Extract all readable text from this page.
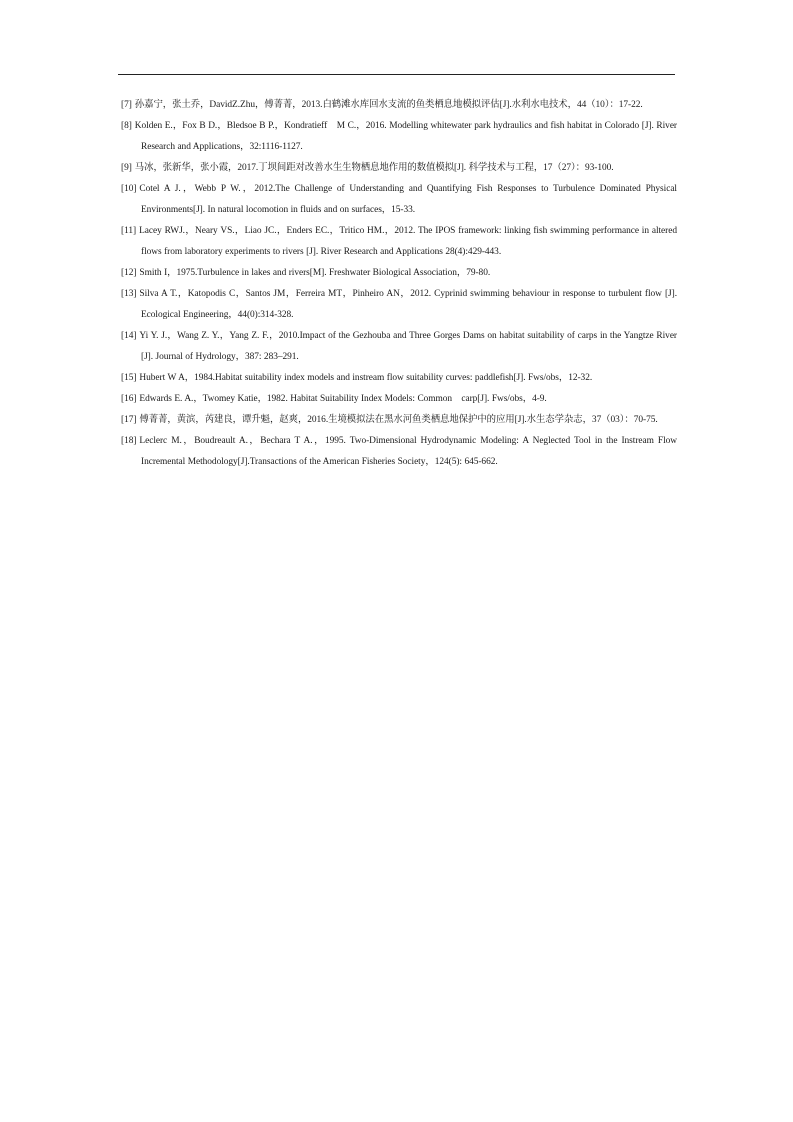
[7] 孙嘉宁，张土乔，DavidZ.Zhu，傅菁菁，2013.白鹤滩水库回水支流的鱼类栖息地模拟评估[J].水利水电技术，44（10）：17-22.
[8] Kolden E.，Fox B D.，Bledsoe B P.，Kondratieff　M C.，2016. Modelling whitewater park hydraulics and fish habitat in Colorado [J]. River Research and Applications，32:1116-1127.
[9] 马冰，张新华，张小霞，2017.丁坝间距对改善水生生物栖息地作用的数值模拟[J]. 科学技术与工程，17（27）：93-100.
[10] Cotel A J.，Webb P W.，2012.The Challenge of Understanding and Quantifying Fish Responses to Turbulence Dominated Physical Environments[J]. In natural locomotion in fluids and on surfaces，15-33.
[11] Lacey RWJ.，Neary VS.，Liao JC.，Enders EC.，Tritico HM.，2012. The IPOS framework: linking fish swimming performance in altered flows from laboratory experiments to rivers [J]. River Research and Applications 28(4):429-443.
[12] Smith I，1975.Turbulence in lakes and rivers[M]. Freshwater Biological Association，79-80.
[13] Silva A T.，Katopodis C，Santos JM，Ferreira MT，Pinheiro AN，2012. Cyprinid swimming behaviour in response to turbulent flow [J]. Ecological Engineering，44(0):314-328.
[14] Yi Y. J.，Wang Z. Y.，Yang Z. F.，2010.Impact of the Gezhouba and Three Gorges Dams on habitat suitability of carps in the Yangtze River [J]. Journal of Hydrology，387: 283–291.
[15] Hubert W A，1984.Habitat suitability index models and instream flow suitability curves: paddlefish[J]. Fws/obs，12-32.
[16] Edwards E. A.，Twomey Katie，1982. Habitat Suitability Index Models: Common　carp[J]. Fws/obs，4-9.
[17] 傅菁菁，黄滨，芮建良，谭升魁，赵爽，2016.生境模拟法在黑水河鱼类栖息地保护中的应用[J].水生态学杂志，37（03）：70-75.
[18] Leclerc M.，Boudreault A.，Bechara T A.，1995. Two-Dimensional Hydrodynamic Modeling: A Neglected Tool in the Instream Flow Incremental Methodology[J].Transactions of the American Fisheries Society，124(5): 645-662.
